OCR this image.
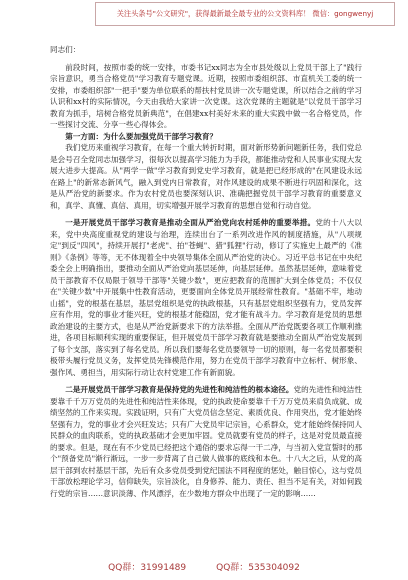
关注头条号"公文研究"，获得最新最全最专业的公文资料库！ 微信：gongwenyj

同志们：

前段时间，按照市委的统一安排，市委书记xx同志为全市县处级以上党员干部上了"践行宗旨意识，勇当合格党员"学习教育专题党课。近期，按照市委组织部、市直机关工委的统一安排，市委组织部"一把手"要为单位联系的帮扶村党员讲一次专题党课，所以结合之前的学习认识和xx村的实际情况，今天由我给大家讲一次党课。这次党课的主题就是"以党员干部学习教育为抓手，培树合格党员新典范"，在倡建xx村美好未来的重大实践中做一名合格党员，作一些探讨交流、分享一些心得体会。

第一方面：为什么要加强党员干部学习教育？

我们党历来重视学习教育，在每一个重大转折时期，面对新形势新问题新任务，我们党总是会号召全党同志加强学习，很每次以提高学习能力为手段，都能推动党和人民事业实现大发展大进步大提高。从"两学一做"学习教育到党史学习教育，就是把已经形成的"在风建设永远在路上"的新常态新风气，融入到党内日常教育，对作风建设的成果不断进行巩固和深化，这是从严治党的新要求。作为农村党员也要深刻认识、准确把握党员干部学习教育的重要意义和，真学、真懂、真信、真用，切实增强开展学习教育的思想自觉和行动自觉。

一是开展党员干部学习教育是推动全面从严治党向农村延伸的重要举措。党的十八大以来，党中央高度重视党的建设与治理，连续出台了一系列改进作风的制度措施，从"八项规定"到反"四风"，持续开展打"老虎"、拍"苍蝇"、猎"狐狸"行动，修订了实施史上最严的《准则》《条例》等等，无不体现着全中央领导集体全面从严治党的决心。习近平总书记在中央纪委全会上明确指出，要推动全面从严治党向基层延伸，向基层延伸。虽然基层延伸，意味着党员干部教育不仅局限于领导干部等"关键少数"，更应把教育的范围扩大到全体党员；不仅仅在"关键少数"中开展集中性教育活动，更要面向全体党员开展经常性教育。"基础不牢，地动山摇"，党的根基在基层，基层党组织是党的执政根基，只有基层党组织坚强有力，党员发挥应有作用，党的事业才能兴旺，党的根基才能稳固，党才能有战斗力。学习教育是党员的思想政治建设的主要方式，也是从严治党新要求下的方法举措。全面从严治党既要各项工作顺利推进，各项目标顺利实现的重要保证，但开展党员干部学习教育就是要推动全面从严治党发展到了每个支部，落实到了每名党员。所以我们要每名党员要领导一切的原则，每一名党员都要积极带头履行党员义务，发挥党员先锋模范作用，努力在党员干部学习教育中立标杆、树形象、强作风、勇担当，用实际行动让农村党建工作有新面貌。

二是开展党员干部学习教育是保持党的先进性和纯洁性的根本途径。党的先进性和纯洁性要靠千千万万党员的先进性和纯洁性来体现，党的执政使命要靠千千万万党员来肩负成就、成绩坚然的工作来实现。实践证明，只有广大党员信念坚定、素质优良、作用突出，党才能始终坚强有力，党的事业才会兴旺发达；只有广大党员牢记宗旨，心系群众，党才能始终保持同人民群众的血肉联系，党的执政基础才会更加牢固。党员就要有党员的样子，这是对党员最直接的要求。但是，现在有不少党员已经把这个通俗的要求忘得一干二净，与当初入党宣誓时的那个"预备党员"渐行渐远，一步一步背离了自己做人做事的底线和本色。十八大之后，从党的高层干部到农村基层干部，先后有众多党员受到党纪国法不同程度的惩处，触目惊心，这与党员干部放松理论学习，信仰缺失，宗旨淡化，自身修养、能力、责任、担当不足有关，对如何践行党的宗旨……意识淡薄、作风漂浮，在少数地方群众中出现了一定的影响……

QQ群：31991489	QQ群：535304092
